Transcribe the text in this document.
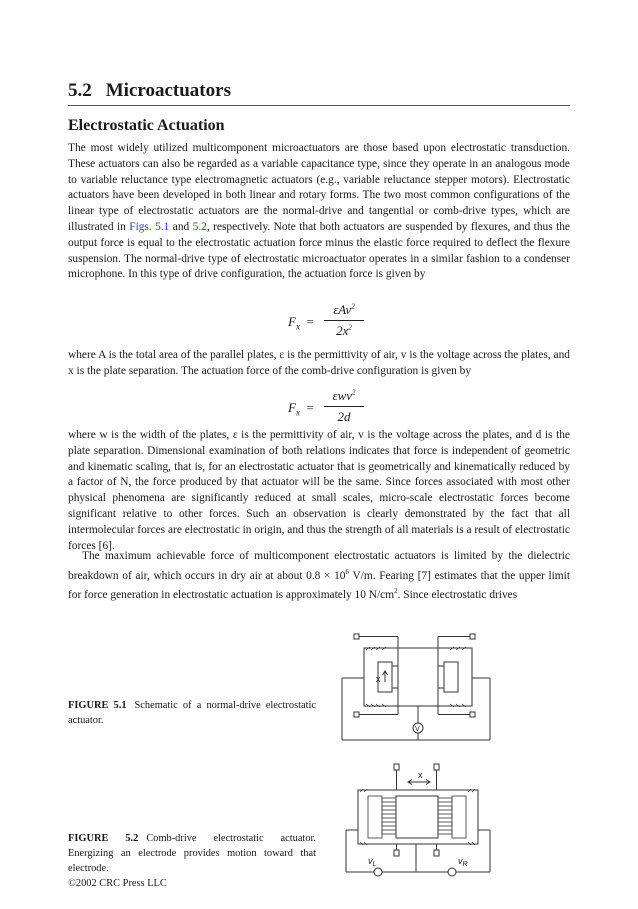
5.2 Microactuators
Electrostatic Actuation

The most widely utilized multicomponent microactuators are those based upon electrostatic transduction. These actuators can also be regarded as a variable capacitance type, since they operate in an analogous mode to variable reluctance type electromagnetic actuators (e.g., variable reluctance stepper motors). Electrostatic actuators have been developed in both linear and rotary forms. The two most common configurations of the linear type of electrostatic actuators are the normal-drive and tangential or comb-drive types, which are illustrated in Figs. 5.1 and 5.2, respectively. Note that both actuators are suspended by flexures, and thus the output force is equal to the electrostatic actuation force minus the elastic force required to deflect the flexure suspension. The normal-drive type of electrostatic microactuator operates in a similar fashion to a condenser microphone. In this type of drive configuration, the actuation force is given by

$F_x$ =
εAv$^2$
$2x^2$

where A is the total area of the parallel plates, ε is the permittivity of air, v is the voltage across the plates, and x is the plate separation. The actuation force of the comb-drive configuration is given by

$F_x$ =
εwv$^2$
2d

where w is the width of the plates, ε is the permittivity of air, v is the voltage across the plates, and d is the plate separation. Dimensional examination of both relations indicates that force is independent of geometric and kinematic scaling, that is, for an electrostatic actuator that is geometrically and kinematically reduced by a factor of N, the force produced by that actuator will be the same. Since forces associated with most other physical phenomena are significantly reduced at small scales, micro-scale electrostatic forces become significant relative to other forces. Such an observation is clearly demonstrated by the fact that all intermolecular forces are electrostatic in origin, and thus the strength of all materials is a result of electrostatic forces [6].

The maximum achievable force of multicomponent electrostatic actuators is limited by the dielectric breakdown of air, which occurs in dry air at about $0.8 \times 10^6$ V/m. Fearing [7] estimates that the upper limit for force generation in electrostatic actuation is approximately 10 $N/cm^2$. Since electrostatic drives

x
V

FIGURE 5.1 Schematic of a normal-drive electrostatic actuator.

x
$v_L$	$v_R$

FIGURE 5.2 Comb-drive electrostatic actuator. Energizing an electrode provides motion toward that electrode.

©2002 CRC Press LLC
